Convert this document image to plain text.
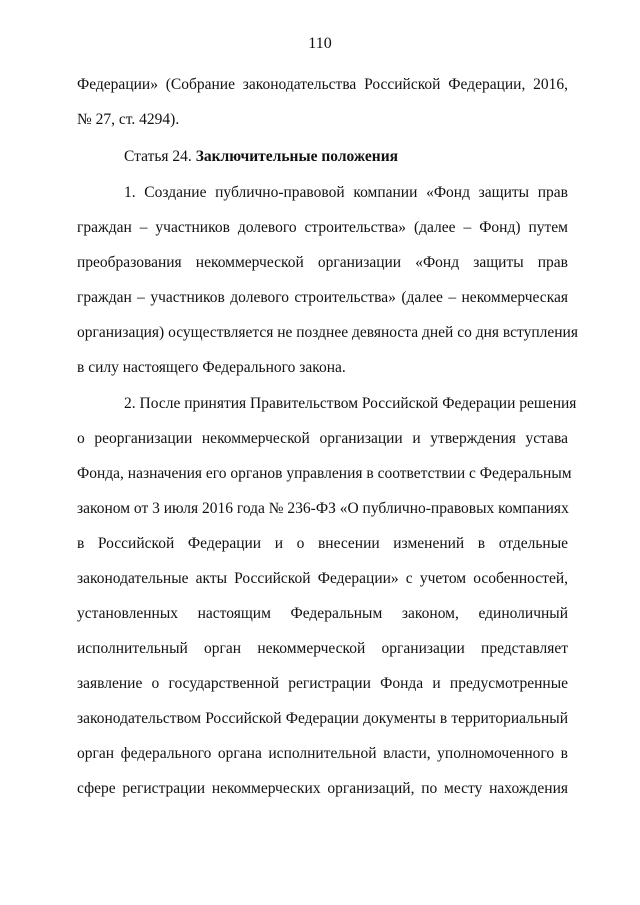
110
Федерации» (Собрание законодательства Российской Федерации, 2016,
№ 27, ст. 4294).
Статья 24. Заключительные положения
1. Создание публично-правовой компании «Фонд защиты прав
граждан – участников долевого строительства» (далее – Фонд) путем
преобразования некоммерческой организации «Фонд защиты прав
граждан – участников долевого строительства» (далее – некоммерческая
организация) осуществляется не позднее девяноста дней со дня вступления
в силу настоящего Федерального закона.
2. После принятия Правительством Российской Федерации решения
о реорганизации некоммерческой организации и утверждения устава
Фонда, назначения его органов управления в соответствии с Федеральным
законом от 3 июля 2016 года № 236-ФЗ «О публично-правовых компаниях
в Российской Федерации и о внесении изменений в отдельные
законодательные акты Российской Федерации» с учетом особенностей,
установленных настоящим Федеральным законом, единоличный
исполнительный орган некоммерческой организации представляет
заявление о государственной регистрации Фонда и предусмотренные
законодательством Российской Федерации документы в территориальный
орган федерального органа исполнительной власти, уполномоченного в
сфере регистрации некоммерческих организаций, по месту нахождения
